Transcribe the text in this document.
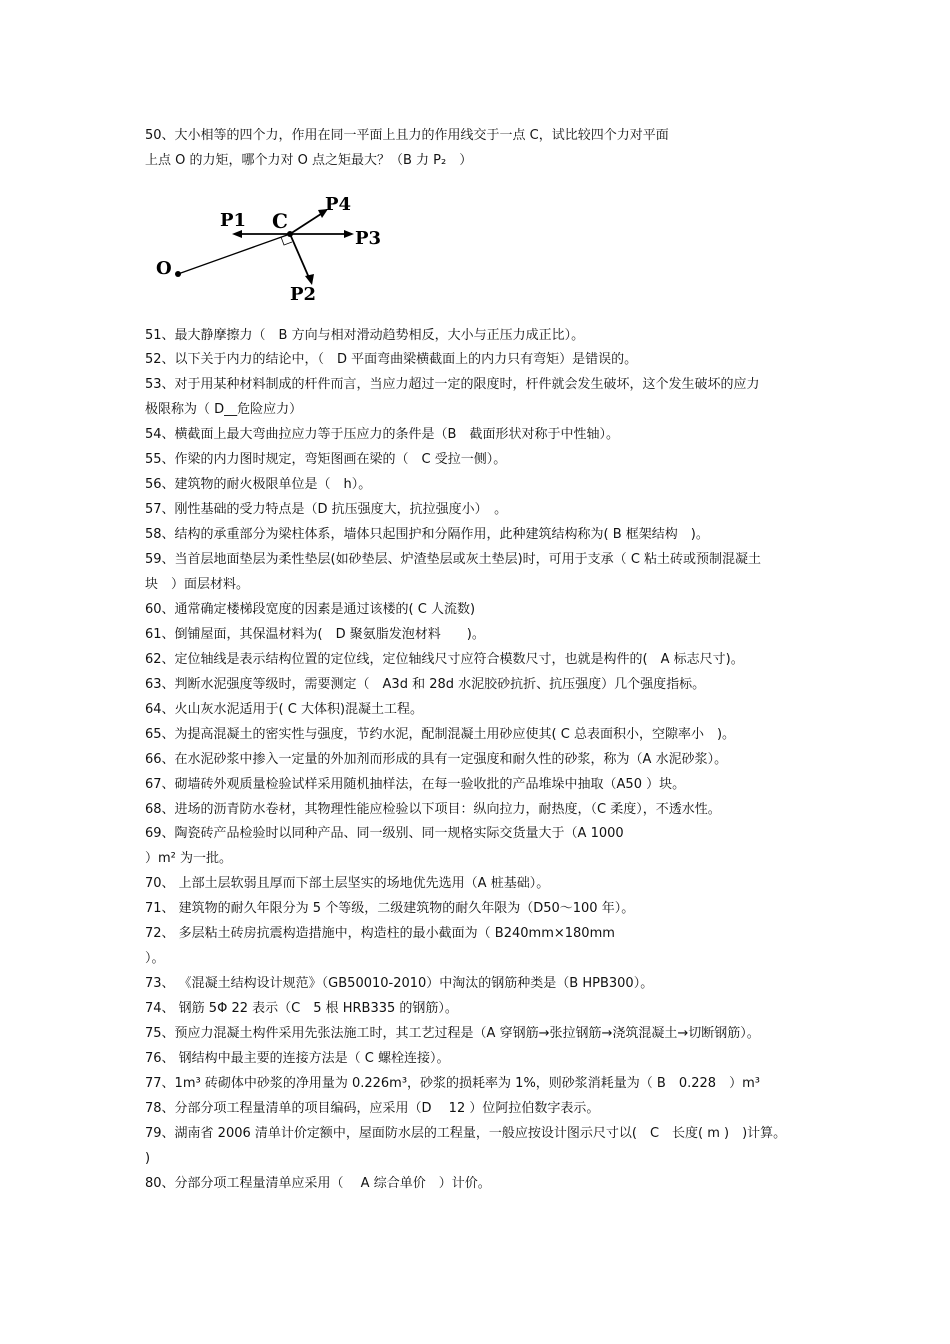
50、大小相等的四个力，作用在同一平面上且力的作用线交于一点 C，试比较四个力对平面
上点 O 的力矩，哪个力对 O 点之矩最大？（B 力 P₂　）
O
C
P1
P3
P4
P2
51、最大静摩擦力（　B 方向与相对滑动趋势相反，大小与正压力成正比）。
52、以下关于内力的结论中，（　D 平面弯曲梁横截面上的内力只有弯矩）是错误的。
53、对于用某种材料制成的杆件而言，当应力超过一定的限度时，杆件就会发生破坏，这个发生破坏的应力
极限称为（ D__危险应力）
54、横截面上最大弯曲拉应力等于压应力的条件是（B　截面形状对称于中性轴）。
55、作梁的内力图时规定，弯矩图画在梁的（　C 受拉一侧）。
56、建筑物的耐火极限单位是（　h）。
57、刚性基础的受力特点是（D 抗压强度大，抗拉强度小）　。
58、结构的承重部分为梁柱体系，墙体只起围护和分隔作用，此种建筑结构称为( B 框架结构　)。
59、当首层地面垫层为柔性垫层(如砂垫层、炉渣垫层或灰土垫层)时，可用于支承（ C 粘土砖或预制混凝土
块　）面层材料。
60、通常确定楼梯段宽度的因素是通过该楼的( C 人流数)
61、倒铺屋面，其保温材料为(　D 聚氨脂发泡材料　　)。
62、定位轴线是表示结构位置的定位线，定位轴线尺寸应符合模数尺寸，也就是构件的(　A 标志尺寸)。
63、判断水泥强度等级时，需要测定（　A3d 和 28d 水泥胶砂抗折、抗压强度）几个强度指标。
64、火山灰水泥适用于( C 大体积)混凝土工程。
65、为提高混凝土的密实性与强度，节约水泥，配制混凝土用砂应使其( C 总表面积小，空隙率小　)。
66、在水泥砂浆中掺入一定量的外加剂而形成的具有一定强度和耐久性的砂浆，称为（A 水泥砂浆）。
67、砌墙砖外观质量检验试样采用随机抽样法，在每一验收批的产品堆垛中抽取（A50 ）块。
68、进场的沥青防水卷材，其物理性能应检验以下项目：纵向拉力，耐热度，（C 柔度），不透水性。
69、陶瓷砖产品检验时以同种产品、同一级别、同一规格实际交货量大于（A 1000
）m² 为一批。
70、 上部土层软弱且厚而下部土层坚实的场地优先选用（A 桩基础）。
71、 建筑物的耐久年限分为 5 个等级，二级建筑物的耐久年限为（D50～100 年）。
72、 多层粘土砖房抗震构造措施中，构造柱的最小截面为（ B240mm×180mm
）。
73、 《混凝土结构设计规范》（GB50010-2010）中淘汰的钢筋种类是（B HPB300）。
74、 钢筋 5Φ 22 表示（C　5 根 HRB335 的钢筋）。
75、预应力混凝土构件采用先张法施工时，其工艺过程是（A 穿钢筋→张拉钢筋→浇筑混凝土→切断钢筋）。
76、 钢结构中最主要的连接方法是（ C 螺栓连接）。
77、1m³ 砖砌体中砂浆的净用量为 0.226m³，砂浆的损耗率为 1%，则砂浆消耗量为（ B　0.228　）m³
78、分部分项工程量清单的项目编码，应采用（D　 12 ）位阿拉伯数字表示。
79、湖南省 2006 清单计价定额中，屋面防水层的工程量，一般应按设计图示尺寸以(　C　长度( m )　)计算。
)
80、分部分项工程量清单应采用（　 A 综合单价　）计价。
